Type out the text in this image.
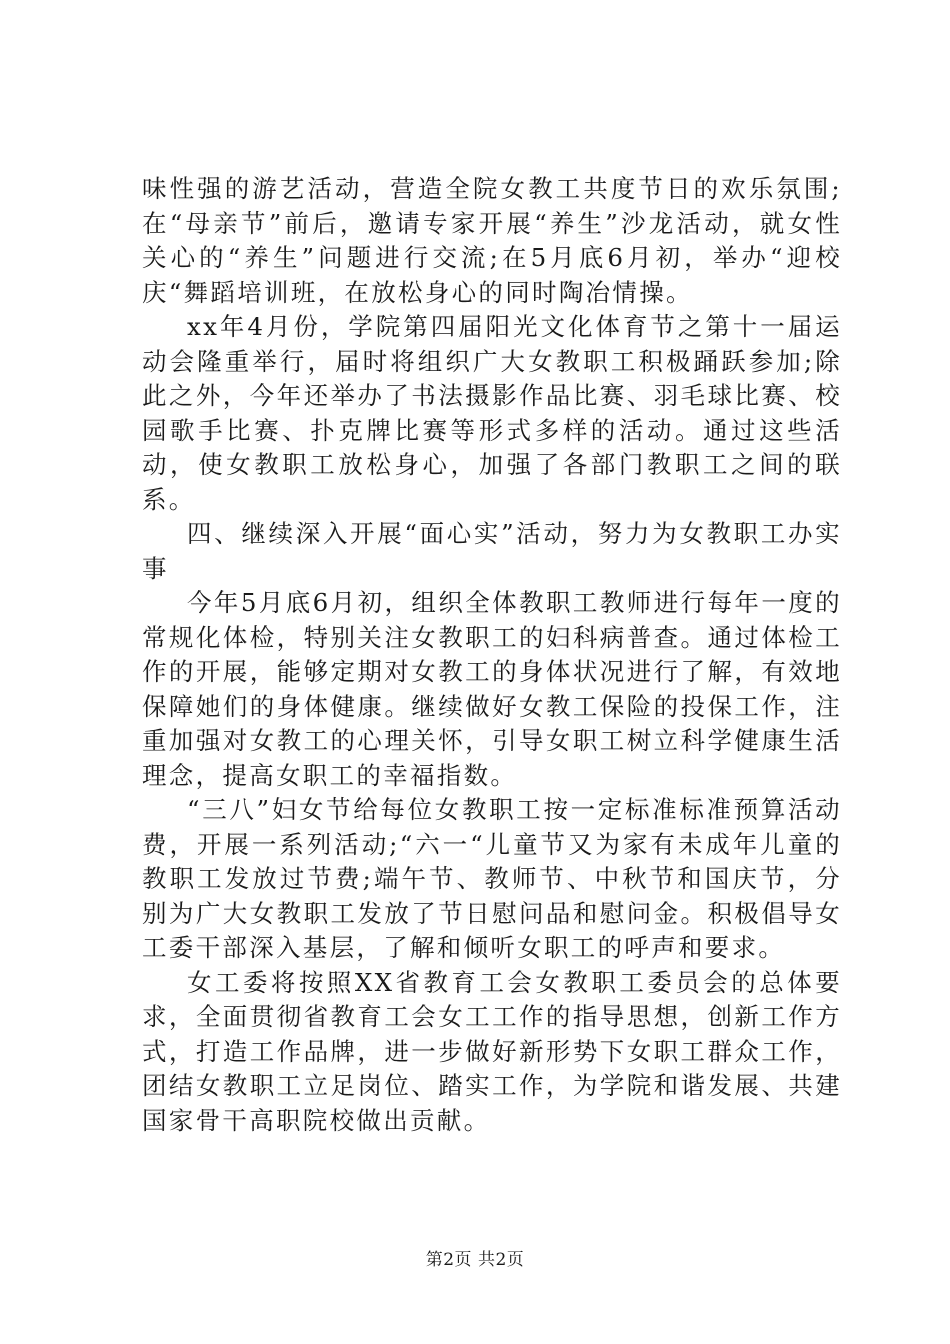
味性强的游艺活动，营造全院女教工共度节日的欢乐氛围;在“母亲节”前后，邀请专家开展“养生”沙龙活动，就女性关心的“养生”问题进行交流;在5月底6月初，举办“迎校庆“舞蹈培训班，在放松身心的同时陶冶情操。

xx年4月份，学院第四届阳光文化体育节之第十一届运动会隆重举行，届时将组织广大女教职工积极踊跃参加;除此之外，今年还举办了书法摄影作品比赛、羽毛球比赛、校园歌手比赛、扑克牌比赛等形式多样的活动。通过这些活动，使女教职工放松身心，加强了各部门教职工之间的联系。

四、继续深入开展“面心实”活动，努力为女教职工办实事

今年5月底6月初，组织全体教职工教师进行每年一度的常规化体检，特别关注女教职工的妇科病普查。通过体检工作的开展，能够定期对女教工的身体状况进行了解，有效地保障她们的身体健康。继续做好女教工保险的投保工作，注重加强对女教工的心理关怀，引导女职工树立科学健康生活理念，提高女职工的幸福指数。

“三八”妇女节给每位女教职工按一定标准标准预算活动费，开展一系列活动;“六一“儿童节又为家有未成年儿童的教职工发放过节费;端午节、教师节、中秋节和国庆节，分别为广大女教职工发放了节日慰问品和慰问金。积极倡导女工委干部深入基层，了解和倾听女职工的呼声和要求。

女工委将按照XX省教育工会女教职工委员会的总体要求，全面贯彻省教育工会女工工作的指导思想，创新工作方式，打造工作品牌，进一步做好新形势下女职工群众工作，团结女教职工立足岗位、踏实工作，为学院和谐发展、共建国家骨干高职院校做出贡献。

第2页 共2页
